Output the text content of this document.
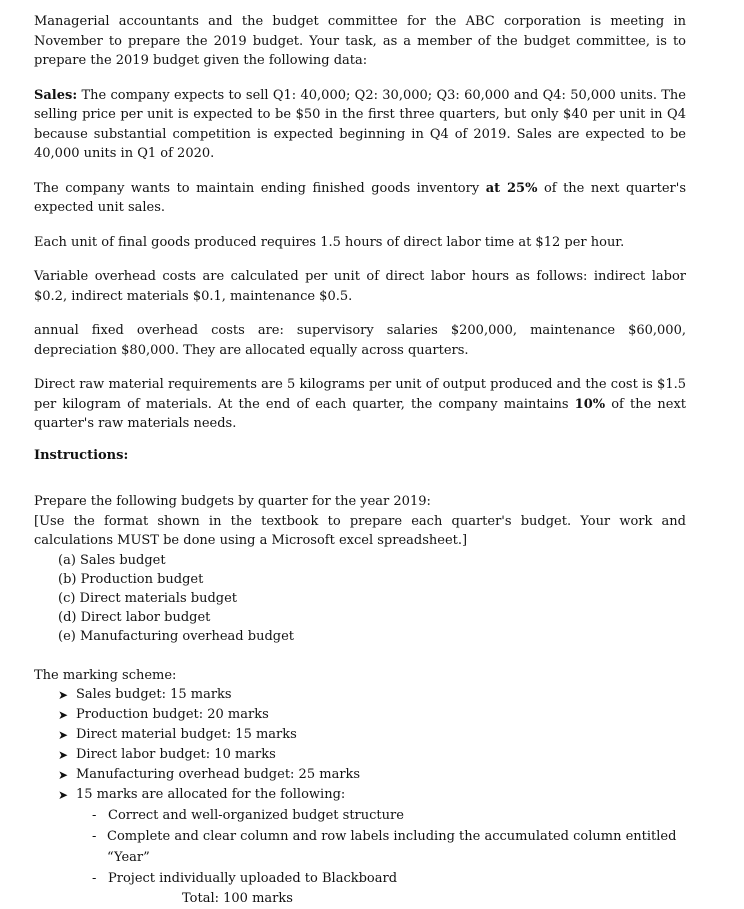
Managerial accountants and the budget committee for the ABC corporation is meeting in November to prepare the 2019 budget. Your task, as a member of the budget committee, is to prepare the 2019 budget given the following data:

Sales: The company expects to sell Q1: 40,000; Q2: 30,000; Q3: 60,000 and Q4: 50,000 units. The selling price per unit is expected to be $50 in the first three quarters, but only $40 per unit in Q4 because substantial competition is expected beginning in Q4 of 2019. Sales are expected to be 40,000 units in Q1 of 2020.

The company wants to maintain ending finished goods inventory at 25% of the next quarter's expected unit sales.

Each unit of final goods produced requires 1.5 hours of direct labor time at $12 per hour.

Variable overhead costs are calculated per unit of direct labor hours as follows: indirect labor $0.2, indirect materials $0.1, maintenance $0.5.

annual fixed overhead costs are: supervisory salaries $200,000, maintenance $60,000, depreciation $80,000. They are allocated equally across quarters.

Direct raw material requirements are 5 kilograms per unit of output produced and the cost is $1.5 per kilogram of materials. At the end of each quarter, the company maintains 10% of the next quarter's raw materials needs.

Instructions:

Prepare the following budgets by quarter for the year 2019:

[Use the format shown in the textbook to prepare each quarter's budget. Your work and calculations MUST be done using a Microsoft excel spreadsheet.]

(a) Sales budget
(b) Production budget
(c) Direct materials budget
(d) Direct labor budget
(e) Manufacturing overhead budget

The marking scheme:

➤ Sales budget: 15 marks
➤ Production budget: 20 marks
➤ Direct material budget: 15 marks
➤ Direct labor budget: 10 marks
➤ Manufacturing overhead budget: 25 marks
➤ 15 marks are allocated for the following:
- Correct and well-organized budget structure
- Complete and clear column and row labels including the accumulated column entitled “Year”
- Project individually uploaded to Blackboard

Total: 100 marks
